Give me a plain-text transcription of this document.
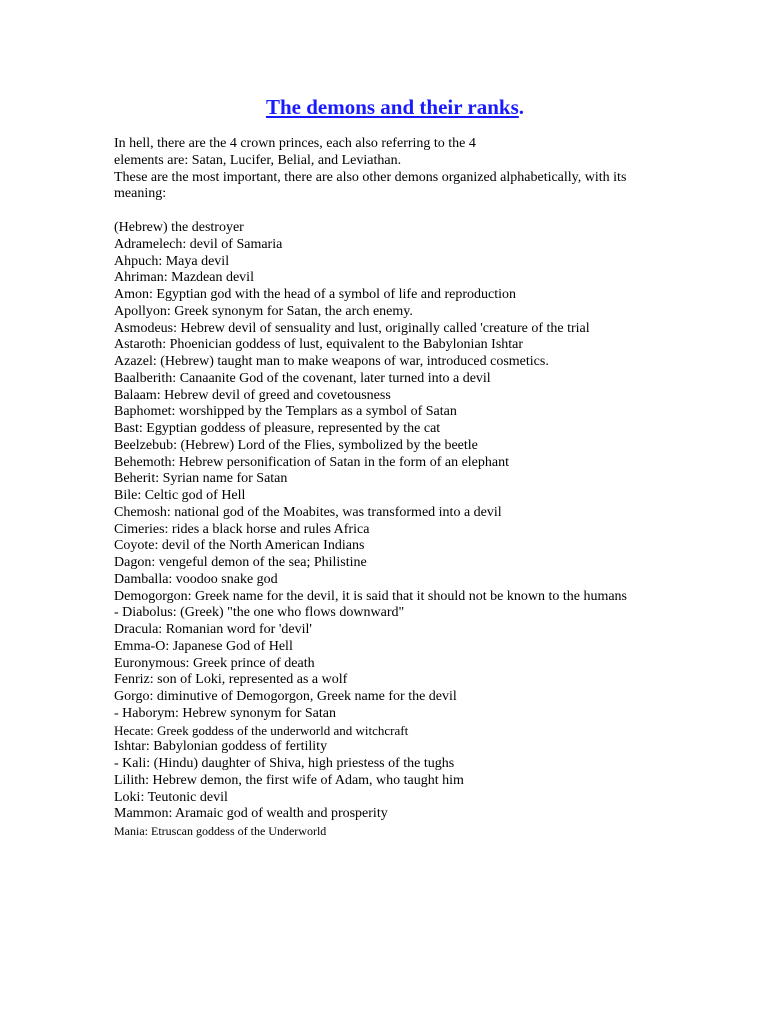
The demons and their ranks.

In hell, there are the 4 crown princes, each also referring to the 4

elements are: Satan, Lucifer, Belial, and Leviathan.

These are the most important, there are also other demons organized alphabetically, with its meaning:

(Hebrew) the destroyer
Adramelech: devil of Samaria
Ahpuch: Maya devil
Ahriman: Mazdean devil
Amon: Egyptian god with the head of a symbol of life and reproduction
Apollyon: Greek synonym for Satan, the arch enemy.
Asmodeus: Hebrew devil of sensuality and lust, originally called 'creature of the trial
Astaroth: Phoenician goddess of lust, equivalent to the Babylonian Ishtar
Azazel: (Hebrew) taught man to make weapons of war, introduced cosmetics.
Baalberith: Canaanite God of the covenant, later turned into a devil
Balaam: Hebrew devil of greed and covetousness
Baphomet: worshipped by the Templars as a symbol of Satan
Bast: Egyptian goddess of pleasure, represented by the cat
Beelzebub: (Hebrew) Lord of the Flies, symbolized by the beetle
Behemoth: Hebrew personification of Satan in the form of an elephant
Beherit: Syrian name for Satan
Bile: Celtic god of Hell
Chemosh: national god of the Moabites, was transformed into a devil
Cimeries: rides a black horse and rules Africa
Coyote: devil of the North American Indians
Dagon: vengeful demon of the sea; Philistine
Damballa: voodoo snake god
Demogorgon: Greek name for the devil, it is said that it should not be known to the humans
- Diabolus: (Greek) "the one who flows downward"
Dracula: Romanian word for 'devil'
Emma-O: Japanese God of Hell
Euronymous: Greek prince of death
Fenriz: son of Loki, represented as a wolf
Gorgo: diminutive of Demogorgon, Greek name for the devil
- Haborym: Hebrew synonym for Satan
Hecate: Greek goddess of the underworld and witchcraft
Ishtar: Babylonian goddess of fertility
- Kali: (Hindu) daughter of Shiva, high priestess of the tughs
Lilith: Hebrew demon, the first wife of Adam, who taught him
Loki: Teutonic devil
Mammon: Aramaic god of wealth and prosperity
Mania: Etruscan goddess of the Underworld
